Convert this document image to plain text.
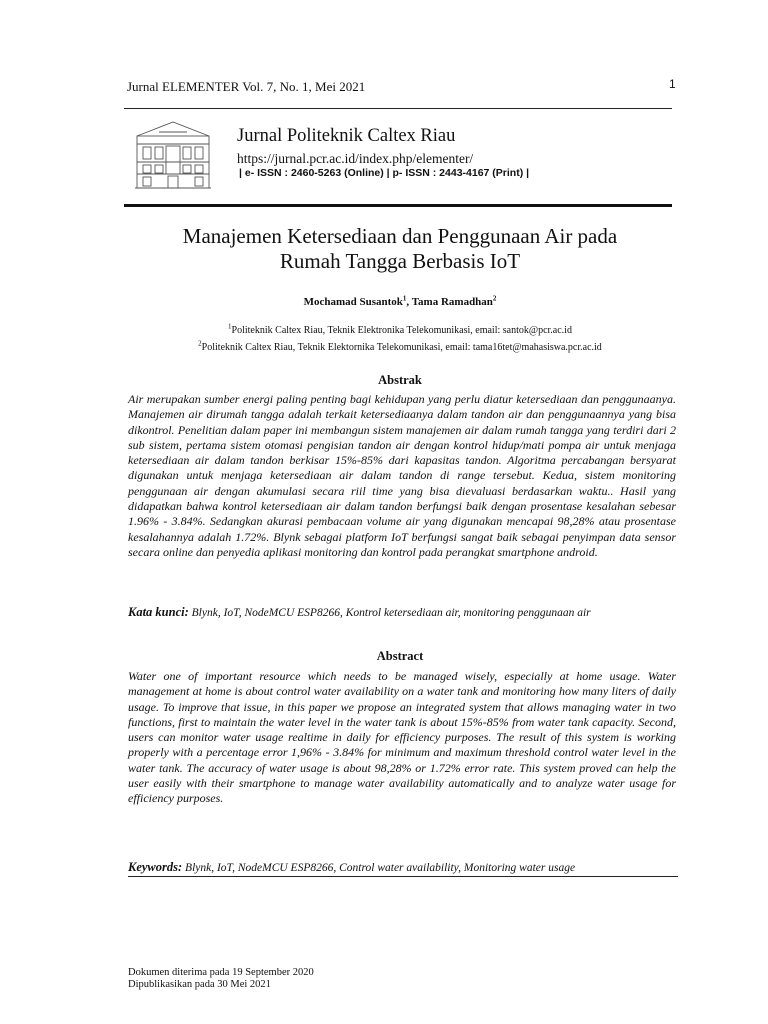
Jurnal ELEMENTER Vol. 7, No. 1, Mei 2021	1
Jurnal Politeknik Caltex Riau
https://jurnal.pcr.ac.id/index.php/elementer/
| e- ISSN : 2460-5263 (Online) | p- ISSN : 2443-4167 (Print) |
Manajemen Ketersediaan dan Penggunaan Air pada
Rumah Tangga Berbasis IoT
Mochamad Susantok$^1$, Tama Ramadhan$^2$
$^1$Politeknik Caltex Riau, Teknik Elektronika Telekomunikasi, email: santok@pcr.ac.id
$^2$Politeknik Caltex Riau, Teknik Elektornika Telekomunikasi, email: tama16tet@mahasiswa.pcr.ac.id
Abstrak

Air merupakan sumber energi paling penting bagi kehidupan yang perlu diatur ketersediaan dan penggunaanya. Manajemen air dirumah tangga adalah terkait ketersediaanya dalam tandon air dan penggunaannya yang bisa dikontrol. Penelitian dalam paper ini membangun sistem manajemen air dalam rumah tangga yang terdiri dari 2 sub sistem, pertama sistem otomasi pengisian tandon air dengan kontrol hidup/mati pompa air untuk menjaga ketersediaan air dalam tandon berkisar 15%-85% dari kapasitas tandon. Algoritma percabangan bersyarat digunakan untuk menjaga ketersediaan air dalam tandon di range tersebut. Kedua, sistem monitoring penggunaan air dengan akumulasi secara riil time yang bisa dievaluasi berdasarkan waktu.. Hasil yang didapatkan bahwa kontrol ketersediaan air dalam tandon berfungsi baik dengan prosentase kesalahan sebesar 1.96% - 3.84%. Sedangkan akurasi pembacaan volume air yang digunakan mencapai 98,28% atau prosentase kesalahannya adalah 1.72%. Blynk sebagai platform IoT berfungsi sangat baik sebagai penyimpan data sensor secara online dan penyedia aplikasi monitoring dan kontrol pada perangkat smartphone android.

Kata kunci: Blynk, IoT, NodeMCU ESP8266, Kontrol ketersediaan air, monitoring penggunaan air
Abstract

Water one of important resource which needs to be managed wisely, especially at home usage. Water management at home is about control water availability on a water tank and monitoring how many liters of daily usage. To improve that issue, in this paper we propose an integrated system that allows managing water in two functions, first to maintain the water level in the water tank is about 15%-85% from water tank capacity. Second, users can monitor water usage realtime in daily for efficiency purposes. The result of this system is working properly with a percentage error 1,96% - 3.84% for minimum and maximum threshold control water level in the water tank. The accuracy of water usage is about 98,28% or 1.72% error rate. This system proved can help the user easily with their smartphone to manage water availability automatically and to analyze water usage for efficiency purposes.

Keywords: Blynk, IoT, NodeMCU ESP8266, Control water availability, Monitoring water usage
Dokumen diterima pada 19 September 2020
Dipublikasikan pada 30 Mei 2021
